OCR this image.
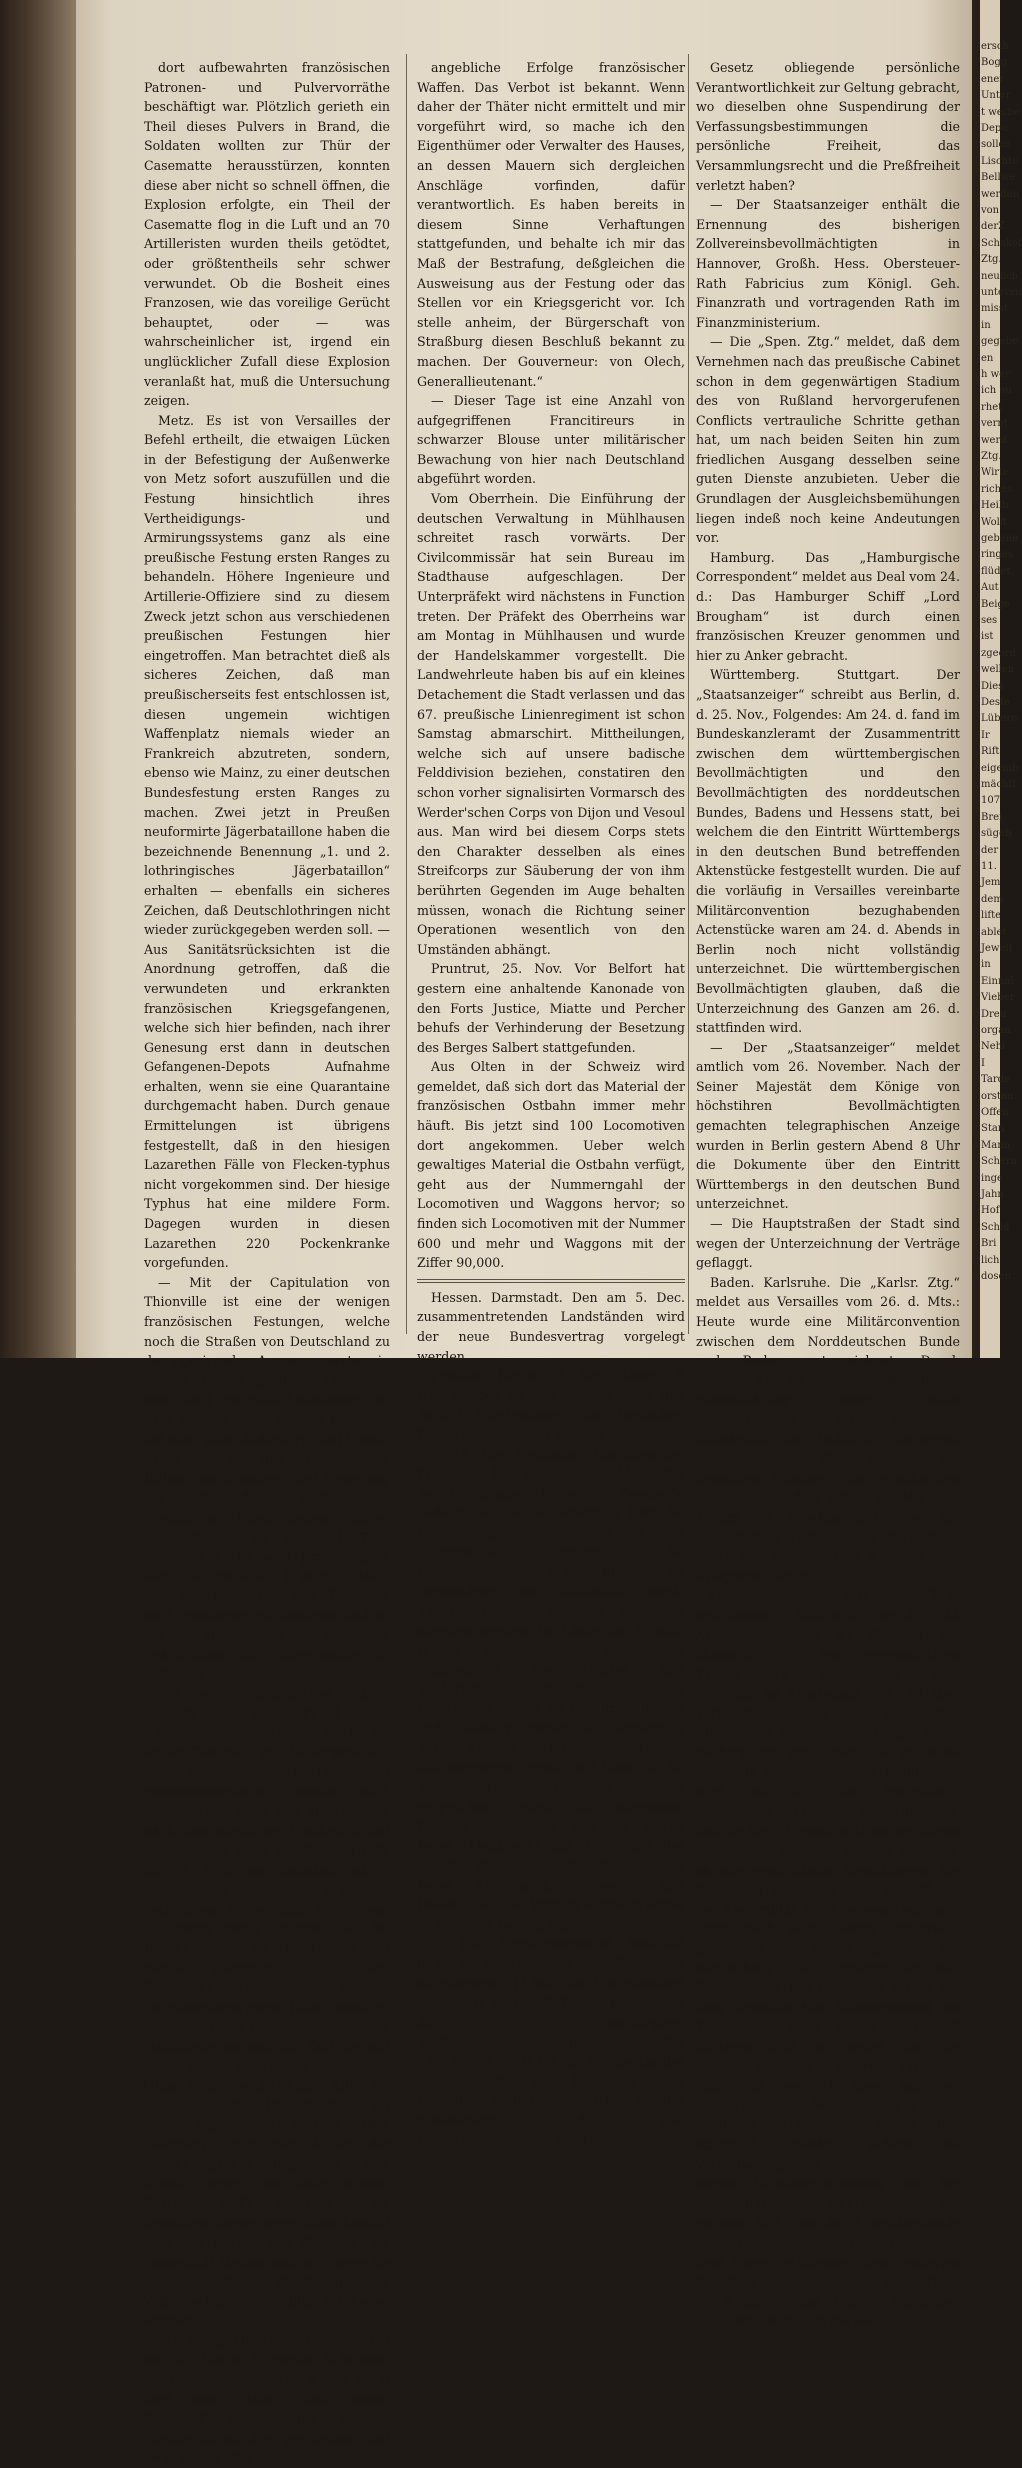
ersch
Bogg
ener
Unter
t werbe
Depu
sollen
Lischte
Bellwe
werden
von
derZ
Schakof
Ztg.
neulich
unteven
misst
in
gegebe
en
h wer
ich au
rhet
vernt
werd
Ztg.
Wirte
riches
Heilb
Wollt
gebene
ringes
flüdet
Aut
Beige
ses
ist
zgeord
wellen
Dies
Deste
Lübern
Ir
Rift
eigemb
mächtl
107
Brei
sügeb
der
11.
Jem
dem
lifte
ablet
Jeweil
in
Einnal
Vieber
Dreu
organ
Nehi
I
Tarde
orstan
Offen
Stan
Mann
Schern
inge
Jahn
Hof
Schid
Bri
lich
dosen

dort aufbewahrten französischen Patronen- und Pulvervorräthe beschäftigt war. Plötzlich gerieth ein Theil dieses Pulvers in Brand, die Soldaten wollten zur Thür der Casematte herausstürzen, konnten diese aber nicht so schnell öffnen, die Explosion erfolgte, ein Theil der Casematte flog in die Luft und an 70 Artilleristen wurden theils getödtet, oder größtentheils sehr schwer verwundet. Ob die Bosheit eines Franzosen, wie das voreilige Gerücht behauptet, oder — was wahrscheinlicher ist, irgend ein unglücklicher Zufall diese Explosion veranlaßt hat, muß die Untersuchung zeigen.

Metz. Es ist von Versailles der Befehl ertheilt, die etwaigen Lücken in der Befestigung der Außenwerke von Metz sofort auszufüllen und die Festung hinsichtlich ihres Vertheidigungs- und Armirungssystems ganz als eine preußische Festung ersten Ranges zu behandeln. Höhere Ingenieure und Artillerie-Offiziere sind zu diesem Zweck jetzt schon aus verschiedenen preußischen Festungen hier eingetroffen. Man betrachtet dieß als sicheres Zeichen, daß man preußischerseits fest entschlossen ist, diesen ungemein wichtigen Waffenplatz niemals wieder an Frankreich abzutreten, sondern, ebenso wie Mainz, zu einer deutschen Bundesfestung ersten Ranges zu machen. Zwei jetzt in Preußen neuformirte Jägerbataillone haben die bezeichnende Benennung „1. und 2. lothringisches Jägerbataillon“ erhalten — ebenfalls ein sicheres Zeichen, daß Deutschlothringen nicht wieder zurückgegeben werden soll. — Aus Sanitätsrücksichten ist die Anordnung getroffen, daß die verwundeten und erkrankten französischen Kriegsgefangenen, welche sich hier befinden, nach ihrer Genesung erst dann in deutschen Gefangenen-Depots Aufnahme erhalten, wenn sie eine Quarantaine durchgemacht haben. Durch genaue Ermittelungen ist übrigens festgestellt, daß in den hiesigen Lazarethen Fälle von Flecken-typhus nicht vorgekommen sind. Der hiesige Typhus hat eine mildere Form. Dagegen wurden in diesen Lazarethen 220 Pockenkranke vorgefunden.

— Mit der Capitulation von Thionville ist eine der wenigen französischen Festungen, welche noch die Straßen von Deutschland zu den operirenden Armeen sperrten, in unsere Hände gefallen. Thionville, eine Stadt von 9000 Einwohnern, ist nach Vauban'schem System befestigt, hat aber keine Außenforts und konnte daher den von den naheliegenden Höhen von Griesberg und Bewerang aus feuernden weittragenden preußischen Belagerungsgeschützen nicht länger als kaum 4 Tage widerstehen. Es wird jetzt möglich sein, die Straße von Trier nach Metz und die Eisenbahn von Thionville nach Puttlingen zu benützen und so die überbürdete Eisenbahn Saarbrücken-Metz einigermaßen zu entlasten.

Von der luxemburgischen Gränze schreibt man dem „Fr. J.“: Die französischen Deserteure, die in der ersten Zeit nach der Uebergabe von Metz schaarenweise in Luxemburg zusammenströmten, werden noch immerwährend von dort über Belgien nach dem nördlichen Frankreich und insbesondere nach der Festung Lille dirigirt. Dicht am Bahnhofe ist in einer von einem Franzosen betriebenen Restauration ein Bureau in optima forma eröffnet, wo die Durchbrenner mit Geld und mit Pässen ausgerüstet und nach Frankreich zurückgeschickt werden, um neuerdings gegen Deutschland zu kämpfen. Noch fortwährend kommen Nachzügler an und die Zahl der auf diese Weise beförderten Gemeinen, Unteroffiziere und Offiziere aller Art kann man ohne Uebertreibung auf 2000 angeben. Und dies Alles geschieht unter den Augen der luxemburgischen Regierung, man könnte sagen, mit ihrer offenen Zustimmung. Es fragt sich, ob die deutschen Regierungen diese Ansicht über die Rechte und Pflichten der Neutralität theilen und wie lange sie einer solchen Verletzung des Völkerrechts noch müßig zuschauen werden.

Straßburg. Die Commandantur hat an die Mairie folgendes Schreiben erlassen: „Herr Maire! In der Stadt darf kein Placat ohne meine Erlaubniß angeschlagen werden. Gleichwohl ist dies geschehen, und zwar Lügen über

angebliche Erfolge französischer Waffen. Das Verbot ist bekannt. Wenn daher der Thäter nicht ermittelt und mir vorgeführt wird, so mache ich den Eigenthümer oder Verwalter des Hauses, an dessen Mauern sich dergleichen Anschläge vorfinden, dafür verantwortlich. Es haben bereits in diesem Sinne Verhaftungen stattgefunden, und behalte ich mir das Maß der Bestrafung, deßgleichen die Ausweisung aus der Festung oder das Stellen vor ein Kriegsgericht vor. Ich stelle anheim, der Bürgerschaft von Straßburg diesen Beschluß bekannt zu machen. Der Gouverneur: von Olech, Generallieutenant.“

— Dieser Tage ist eine Anzahl von aufgegriffenen Francitireurs in schwarzer Blouse unter militärischer Bewachung von hier nach Deutschland abgeführt worden.

Vom Oberrhein. Die Einführung der deutschen Verwaltung in Mühlhausen schreitet rasch vorwärts. Der Civilcommissär hat sein Bureau im Stadthause aufgeschlagen. Der Unterpräfekt wird nächstens in Function treten. Der Präfekt des Oberrheins war am Montag in Mühlhausen und wurde der Handelskammer vorgestellt. Die Landwehrleute haben bis auf ein kleines Detachement die Stadt verlassen und das 67. preußische Linienregiment ist schon Samstag abmarschirt. Mittheilungen, welche sich auf unsere badische Felddivision beziehen, constatiren den schon vorher signalisirten Vormarsch des Werder'schen Corps von Dijon und Vesoul aus. Man wird bei diesem Corps stets den Charakter desselben als eines Streifcorps zur Säuberung der von ihm berührten Gegenden im Auge behalten müssen, wonach die Richtung seiner Operationen wesentlich von den Umständen abhängt.

Pruntrut, 25. Nov. Vor Belfort hat gestern eine anhaltende Kanonade von den Forts Justice, Miatte und Percher behufs der Verhinderung der Besetzung des Berges Salbert stattgefunden.

Aus Olten in der Schweiz wird gemeldet, daß sich dort das Material der französischen Ostbahn immer mehr häuft. Bis jetzt sind 100 Locomotiven dort angekommen. Ueber welch gewaltiges Material die Ostbahn verfügt, geht aus der Nummerngahl der Locomotiven und Waggons hervor; so finden sich Locomotiven mit der Nummer 600 und mehr und Waggons mit der Ziffer 90,000.

Hessen. Darmstadt. Den am 5. Dec. zusammentretenden Landständen wird der neue Bundesvertrag vorgelegt werden.

Preußen. Berlin, 25. Nov., Abends 9 Uhr. Soeben ist der Vertrag über den Beitritt Württembergs zum Deutschen Bunde unterzeichnet worden.

— 26. Nov. Reichstag. Nachdem der Präsident der verstorbenen Mitglieder des Reichstages, besonders Twesten's, gedacht, wurde die Berathung über die Creditvorlage aufgenommen. Minister Camphausen erklärte, die Rechenschaftsablegung über die Verwendung der Geldmittel werde umfassend dem nächsten Reichstag abgelegt werden. Im Laufe der Debatte sprach Bebel unter energischem Widerspruch des Hauses und wiederholtem Einschreiten des Präsidenten gegen die Creditbewilligung und überhaupt gegen die Fortsetzung des Krieges. Nachdem Lasker, Reichensperger, Braun und Löwe für die Anleihe, Liebknecht gegen dieselbe gesprochen, wurde die allgemeine Debatte geschlossen und der Antrag Bebel, Liebknecht auf Ablehnung der Anleihe abgelehnt; dafür stimmten nur Bebel, Liebknecht, Schweizer und Hasenclever. Die Vorlage wurde in erster und zweiter Lesung angenommen.

— Die Fortschrittspartei beschloß folgende Interpellation im Reichstage einzubringen: 1) War der Kriegszustand proclamirt und wo? Waren gleichzeitig die einschlägigen Verfassungsbestimmungen suspendirt oder nicht? — 2) Ist der Bundeskanzler bereit, darüber dem Reichstag sofort Bericht zu erstatten? — 3) Wie hat der Bundeskanzler die den Militärbefehlshabern nach dem

Gesetz obliegende persönliche Verantwortlichkeit zur Geltung gebracht, wo dieselben ohne Suspendirung der Verfassungsbestimmungen die persönliche Freiheit, das Versammlungsrecht und die Preßfreiheit verletzt haben?

— Der Staatsanzeiger enthält die Ernennung des bisherigen Zollvereinsbevollmächtigten in Hannover, Großh. Hess. Obersteuer-Rath Fabricius zum Königl. Geh. Finanzrath und vortragenden Rath im Finanzministerium.

— Die „Spen. Ztg.“ meldet, daß dem Vernehmen nach das preußische Cabinet schon in dem gegenwärtigen Stadium des von Rußland hervorgerufenen Conflicts vertrauliche Schritte gethan hat, um nach beiden Seiten hin zum friedlichen Ausgang desselben seine guten Dienste anzubieten. Ueber die Grundlagen der Ausgleichsbemühungen liegen indeß noch keine Andeutungen vor.

Hamburg. Das „Hamburgische Correspondent“ meldet aus Deal vom 24. d.: Das Hamburger Schiff „Lord Brougham“ ist durch einen französischen Kreuzer genommen und hier zu Anker gebracht.

Württemberg. Stuttgart. Der „Staatsanzeiger“ schreibt aus Berlin, d. d. 25. Nov., Folgendes: Am 24. d. fand im Bundeskanzleramt der Zusammentritt zwischen dem württembergischen Bevollmächtigten und den Bevollmächtigten des norddeutschen Bundes, Badens und Hessens statt, bei welchem die den Eintritt Württembergs in den deutschen Bund betreffenden Aktenstücke festgestellt wurden. Die auf die vorläufig in Versailles vereinbarte Militärconvention bezughabenden Actenstücke waren am 24. d. Abends in Berlin noch nicht vollständig unterzeichnet. Die württembergischen Bevollmächtigten glauben, daß die Unterzeichnung des Ganzen am 26. d. stattfinden wird.

— Der „Staatsanzeiger“ meldet amtlich vom 26. November. Nach der Seiner Majestät dem Könige von höchstihren Bevollmächtigten gemachten telegraphischen Anzeige wurden in Berlin gestern Abend 8 Uhr die Dokumente über den Eintritt Württembergs in den deutschen Bund unterzeichnet.

— Die Hauptstraßen der Stadt sind wegen der Unterzeichnung der Verträge geflaggt.

Baden. Karlsruhe. Die „Karlsr. Ztg.“ meldet aus Versailles vom 26. d. Mts.: Heute wurde eine Militärconvention zwischen dem Norddeutschen Bunde und Baden unterzeichnet. Durch dieselbe wird im Sinne der allmählichen Herbeiführung einer vollen Gemeinsamkeit der nationalen Wehrkräfte das badische Contingent unmittelbarer Bestandtheil der deutschen Bundes-, bzw. preußischen Armee, unter dem Befehl Sr. Maj. des Königs von Preußen und unter der einheitlichen Leitung und Verwaltung durch das Bundes-, bzw. k. preußische Kriegsministerium.

Oesterreich. Wien. Das dieser Tage erschienene Rothbuch enthält 44 Aktenstücke über die Stellung der Monarchie zu dem gegenwärtigen Kriege, 76 Aktenstücke über orientalische Angelegenheiten, 36 über Verhandlungen mit dem päpstlichen Stuhle und die römische Frage, sowie nachträglich drei über die russische Frage. In dem Resumé des Rothbuches wird bezüglich des französisch-preußischen Krieges hervorgehoben, daß die tiefer liegenden Ursachen dieses Conflikts sich diesmal stärker erwiesen, als alle vermittelnden Bemühungen. Die Regierung konnte in dem Entschlusse der Neutralität nicht schwanken, nach ihren nach allen Seiten erfolgreich gemachten Bemühungen zur Herstellung der freundschaftlichen Beziehungen. Die Regierung ließ es bei dem französischen Gouvernement an Warnungen nicht fehlen und ließ letzteres nicht in Zweifel über die Neutralität der austro-ungarischen Regierung, wodurch diese mit den eingegangenen Verpflichtungen sich nicht in Widerspruch setzte. Das Rothbuch erwähnt sodann die Vereinbarung der neutralen Mächte wegen Nichtherausstretens aus der Neutralität und Wahrnehmung der rechten Zeit, um durch wohlwollende und rücksichtsvolle Dazwischenkunft dem Sieger Mäßigung, dem Besiegten Ergebung in sein Schicksal anzurathen. — Bezüglich des letzten russischen Circulars fühlte sich die Re-
